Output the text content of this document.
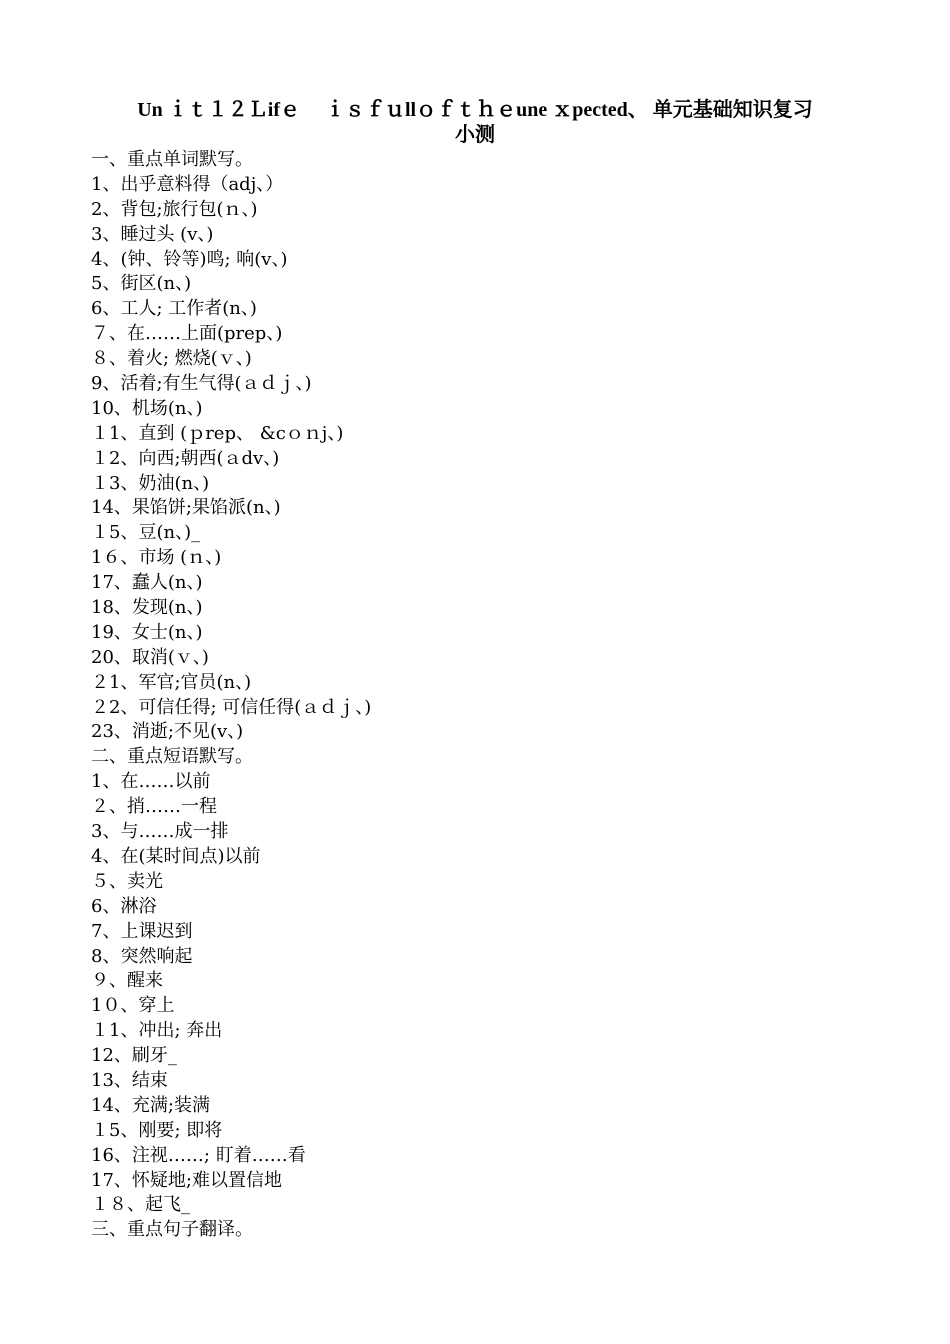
Un ｉｔ１２Ｌifｅ　 ｉｓｆｕllｏｆｔｈｅune ｘpected、 单元基础知识复习
小测
一、重点单词默写。
1、出乎意料得（adj、）
2、背包;旅行包(ｎ、)
3、睡过头 (v、)
4、(钟、铃等)鸣; 响(v、)
5、街区(n、)
6、工人; 工作者(n、)
７、在……上面(prep、)
８、着火; 燃烧(ｖ、)
9、活着;有生气得(ａｄｊ、)
10、机场(n、)
１1、直到 (ｐrep、 &cｏｎj、)
１2、向西;朝西(ａdv、)
１3、奶油(n、)
14、果馅饼;果馅派(n、)
１5、豆(n、)_
1６、市场 (ｎ、)
17、蠢人(n、)
18、发现(n、)
19、女士(n、)
20、取消(ｖ、)
２1、军官;官员(n、)
２2、可信任得; 可信任得(ａｄｊ、)
23、消逝;不见(v、)
二、重点短语默写。
1、在……以前
２、捎……一程
3、与……成一排
4、在(某时间点)以前
５、卖光
6、淋浴
7、上课迟到
8、突然响起
９、醒来
1０、穿上
１1、冲出; 奔出
12、刷牙_
13、结束
14、充满;装满
１5、刚要; 即将
16、注视……; 盯着……看
17、怀疑地;难以置信地
１８、起飞_
三、重点句子翻译。
